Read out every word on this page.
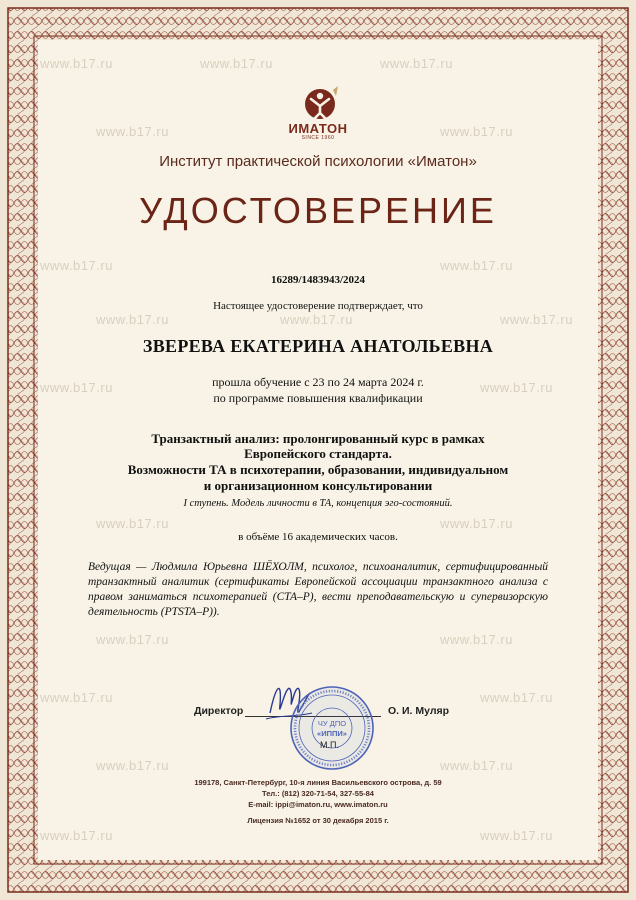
www.b17.ru	www.b17.ru	www.b17.ru
www.b17.ru	www.b17.ru
www.b17.ru	www.b17.ru
www.b17.ru	www.b17.ru	www.b17.ru
www.b17.ru	www.b17.ru
www.b17.ru	www.b17.ru
www.b17.ru	www.b17.ru
www.b17.ru	www.b17.ru
www.b17.ru	www.b17.ru
www.b17.ru	www.b17.ru
ИМАТОН
SINCE 1960
Институт практической психологии «Иматон»
УДОСТОВЕРЕНИЕ
16289/1483943/2024
Настоящее удостоверение подтверждает, что
ЗВЕРЕВА ЕКАТЕРИНА АНАТОЛЬЕВНА
прошла обучение с 23 по 24 марта 2024 г.
по программе повышения квалификации
Транзактный анализ: пролонгированный курс в рамках
Европейского стандарта.
Возможности ТА в психотерапии, образовании, индивидуальном
и организационном консультировании
I ступень. Модель личности в ТА, концепция эго-состояний.
в объёме 16 академических часов.
Ведущая — Людмила Юрьевна ШЁХОЛМ, психолог, психоаналитик, сертифицированный транзактный аналитик (сертификаты Европейской ассоциации транзактного анализа с правом заниматься психотерапией (СТА–Р), вести преподавательскую и супервизорскую деятельность (PTSTA–P)).
Директор
ЧУ ДПО
«ИППИ»
М.П.
О. И. Муляр
199178, Санкт-Петербург, 10-я линия Васильевского острова, д. 59
Тел.: (812) 320-71-54, 327-55-84
E-mail: ippi@imaton.ru, www.imaton.ru
Лицензия №1652 от 30 декабря 2015 г.
